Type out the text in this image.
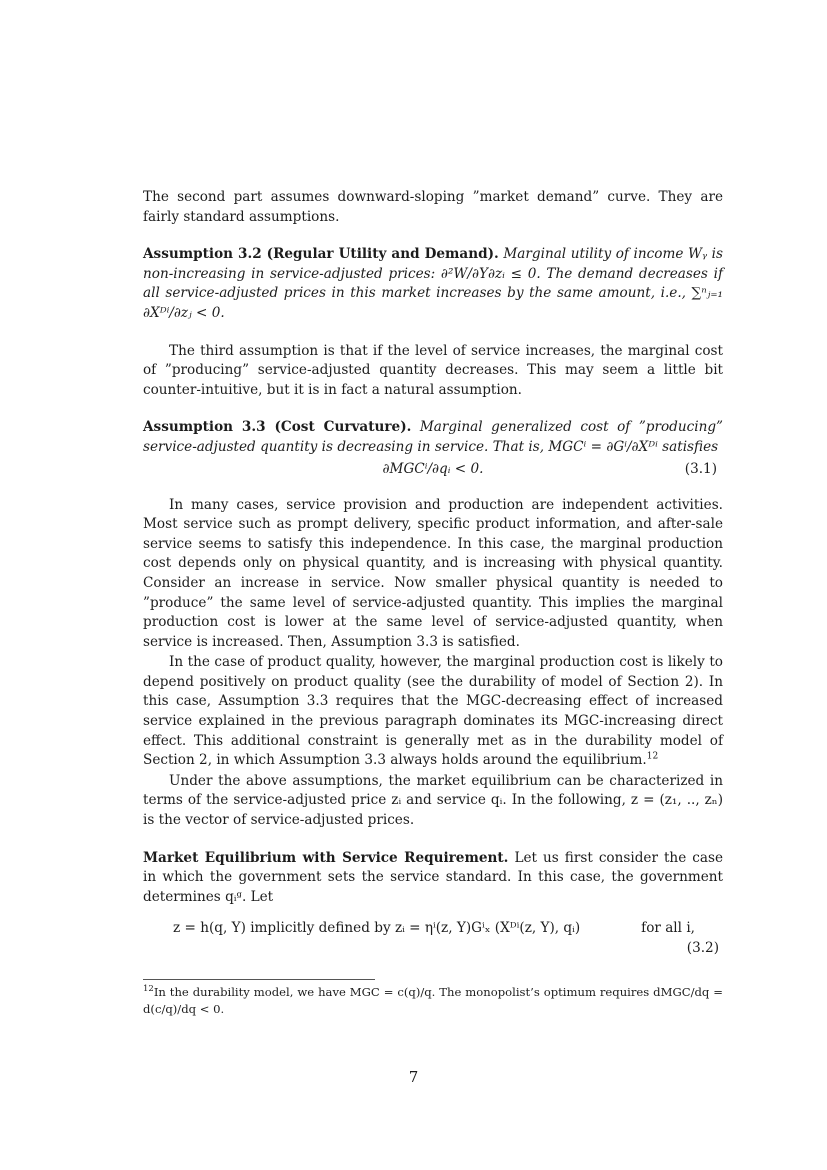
The second part assumes downward-sloping ”market demand” curve. They are fairly standard assumptions.

Assumption 3.2 (Regular Utility and Demand). Marginal utility of income Wᵧ is non-increasing in service-adjusted prices: ∂²W/∂Y∂zᵢ ≤ 0. The demand decreases if all service-adjusted prices in this market increases by the same amount, i.e., ∑ⁿⱼ₌₁ ∂Xᴰⁱ/∂zⱼ < 0.

The third assumption is that if the level of service increases, the marginal cost of ”producing” service-adjusted quantity decreases. This may seem a little bit counter-intuitive, but it is in fact a natural assumption.

Assumption 3.3 (Cost Curvature). Marginal generalized cost of ”producing” service-adjusted quantity is decreasing in service. That is, MGCⁱ = ∂Gⁱ/∂Xᴰⁱ satisfies

∂MGCⁱ/∂qᵢ < 0.	(3.1)

In many cases, service provision and production are independent activities. Most service such as prompt delivery, specific product information, and after-sale service seems to satisfy this independence. In this case, the marginal production cost depends only on physical quantity, and is increasing with physical quantity. Consider an increase in service. Now smaller physical quantity is needed to ”produce” the same level of service-adjusted quantity. This implies the marginal production cost is lower at the same level of service-adjusted quantity, when service is increased. Then, Assumption 3.3 is satisfied.

In the case of product quality, however, the marginal production cost is likely to depend positively on product quality (see the durability of model of Section 2). In this case, Assumption 3.3 requires that the MGC-decreasing effect of increased service explained in the previous paragraph dominates its MGC-increasing direct effect. This additional constraint is generally met as in the durability model of Section 2, in which Assumption 3.3 always holds around the equilibrium.$^{12}$

Under the above assumptions, the market equilibrium can be characterized in terms of the service-adjusted price zᵢ and service qᵢ. In the following, z = (z₁, .., zₙ) is the vector of service-adjusted prices.

Market Equilibrium with Service Requirement. Let us first consider the case in which the government sets the service standard. In this case, the government determines qᵢᵍ. Let

z = h(q, Y) implicitly defined by zᵢ = ηⁱ(z, Y)Gⁱₓ (Xᴰⁱ(z, Y), qᵢ)	for all i,
(3.2)

$^{12}$In the durability model, we have MGC = c(q)/q. The monopolist’s optimum requires dMGC/dq = d(c/q)/dq < 0.

7
